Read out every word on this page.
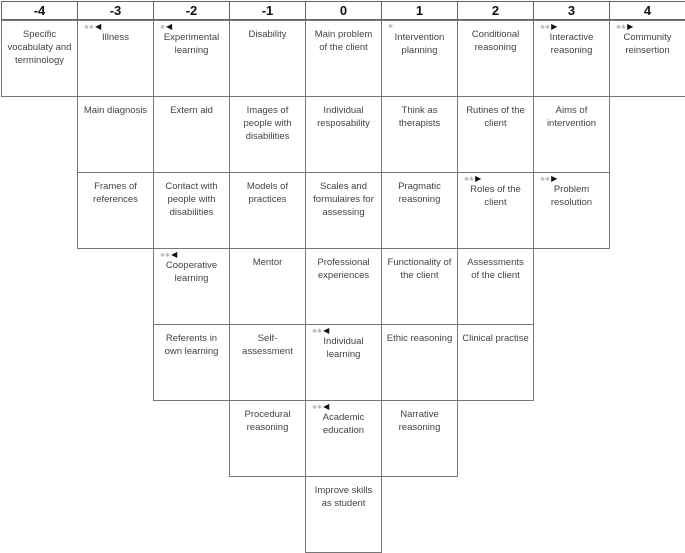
-4
Specific vocabulaty and terminology
-3
✱✱◀
Illness
Main diagnosis
Frames of references
-2
✱◀
Experimental learning
Extern aid
Contact with people with disabilities
✱✱◀
Cooperative learning
Referents in own learning
-1
Disability
Images of people with disabilities
Models of practices
Mentor
Self-assessment
Procedural reasoning
0
Main problem of the client
Individual resposability
Scales and formulaires for assessing
Professional experiences
✱✱◀
Individual learning
✱✱◀
Academic education
Improve skills as student
1
✱
Intervention planning
Think as therapists
Pragmatic reasoning
Functionality of the client
Ethic reasoning
Narrative reasoning
2
Conditional reasoning
Rutines of the client
✱✱▶
Roles of the client
Assessments of the client
Clinical practise
3
✱✱▶
Interactive reasoning
Aims of intervention
✱✱▶
Problem resolution
4
✱✱▶
Community reinsertion
